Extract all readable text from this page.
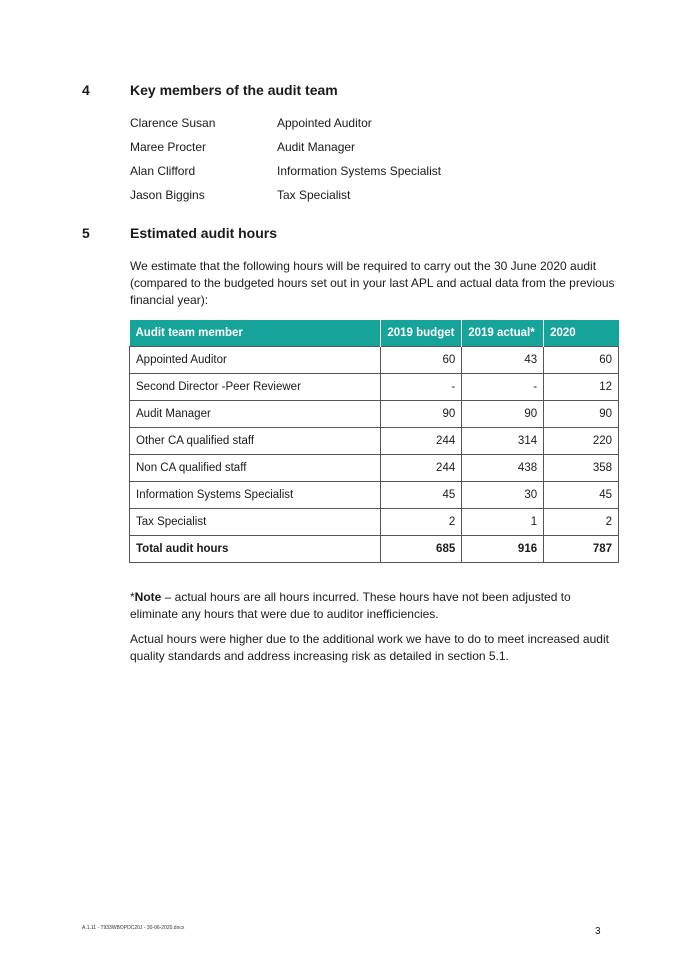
4	Key members of the audit team
Clarence Susan	Appointed Auditor
Maree Procter	Audit Manager
Alan Clifford	Information Systems Specialist
Jason Biggins	Tax Specialist
5	Estimated audit hours

We estimate that the following hours will be required to carry out the 30 June 2020 audit (compared to the budgeted hours set out in your last APL and actual data from the previous financial year):

Audit team member	2019 budget	2019 actual*	2020
Appointed Auditor	60	43	60
Second Director -Peer Reviewer	-	-	12
Audit Manager	90	90	90
Other CA qualified staff	244	314	220
Non CA qualified staff	244	438	358
Information Systems Specialist	45	30	45
Tax Specialist	2	1	2
Total audit hours	685	916	787

*Note – actual hours are all hours incurred. These hours have not been adjusted to eliminate any hours that were due to auditor inefficiencies.

Actual hours were higher due to the additional work we have to do to meet increased audit quality standards and address increasing risk as detailed in section 5.1.

A.1.11 - T933WBOPDC20J - 30-06-2020.docx	3
